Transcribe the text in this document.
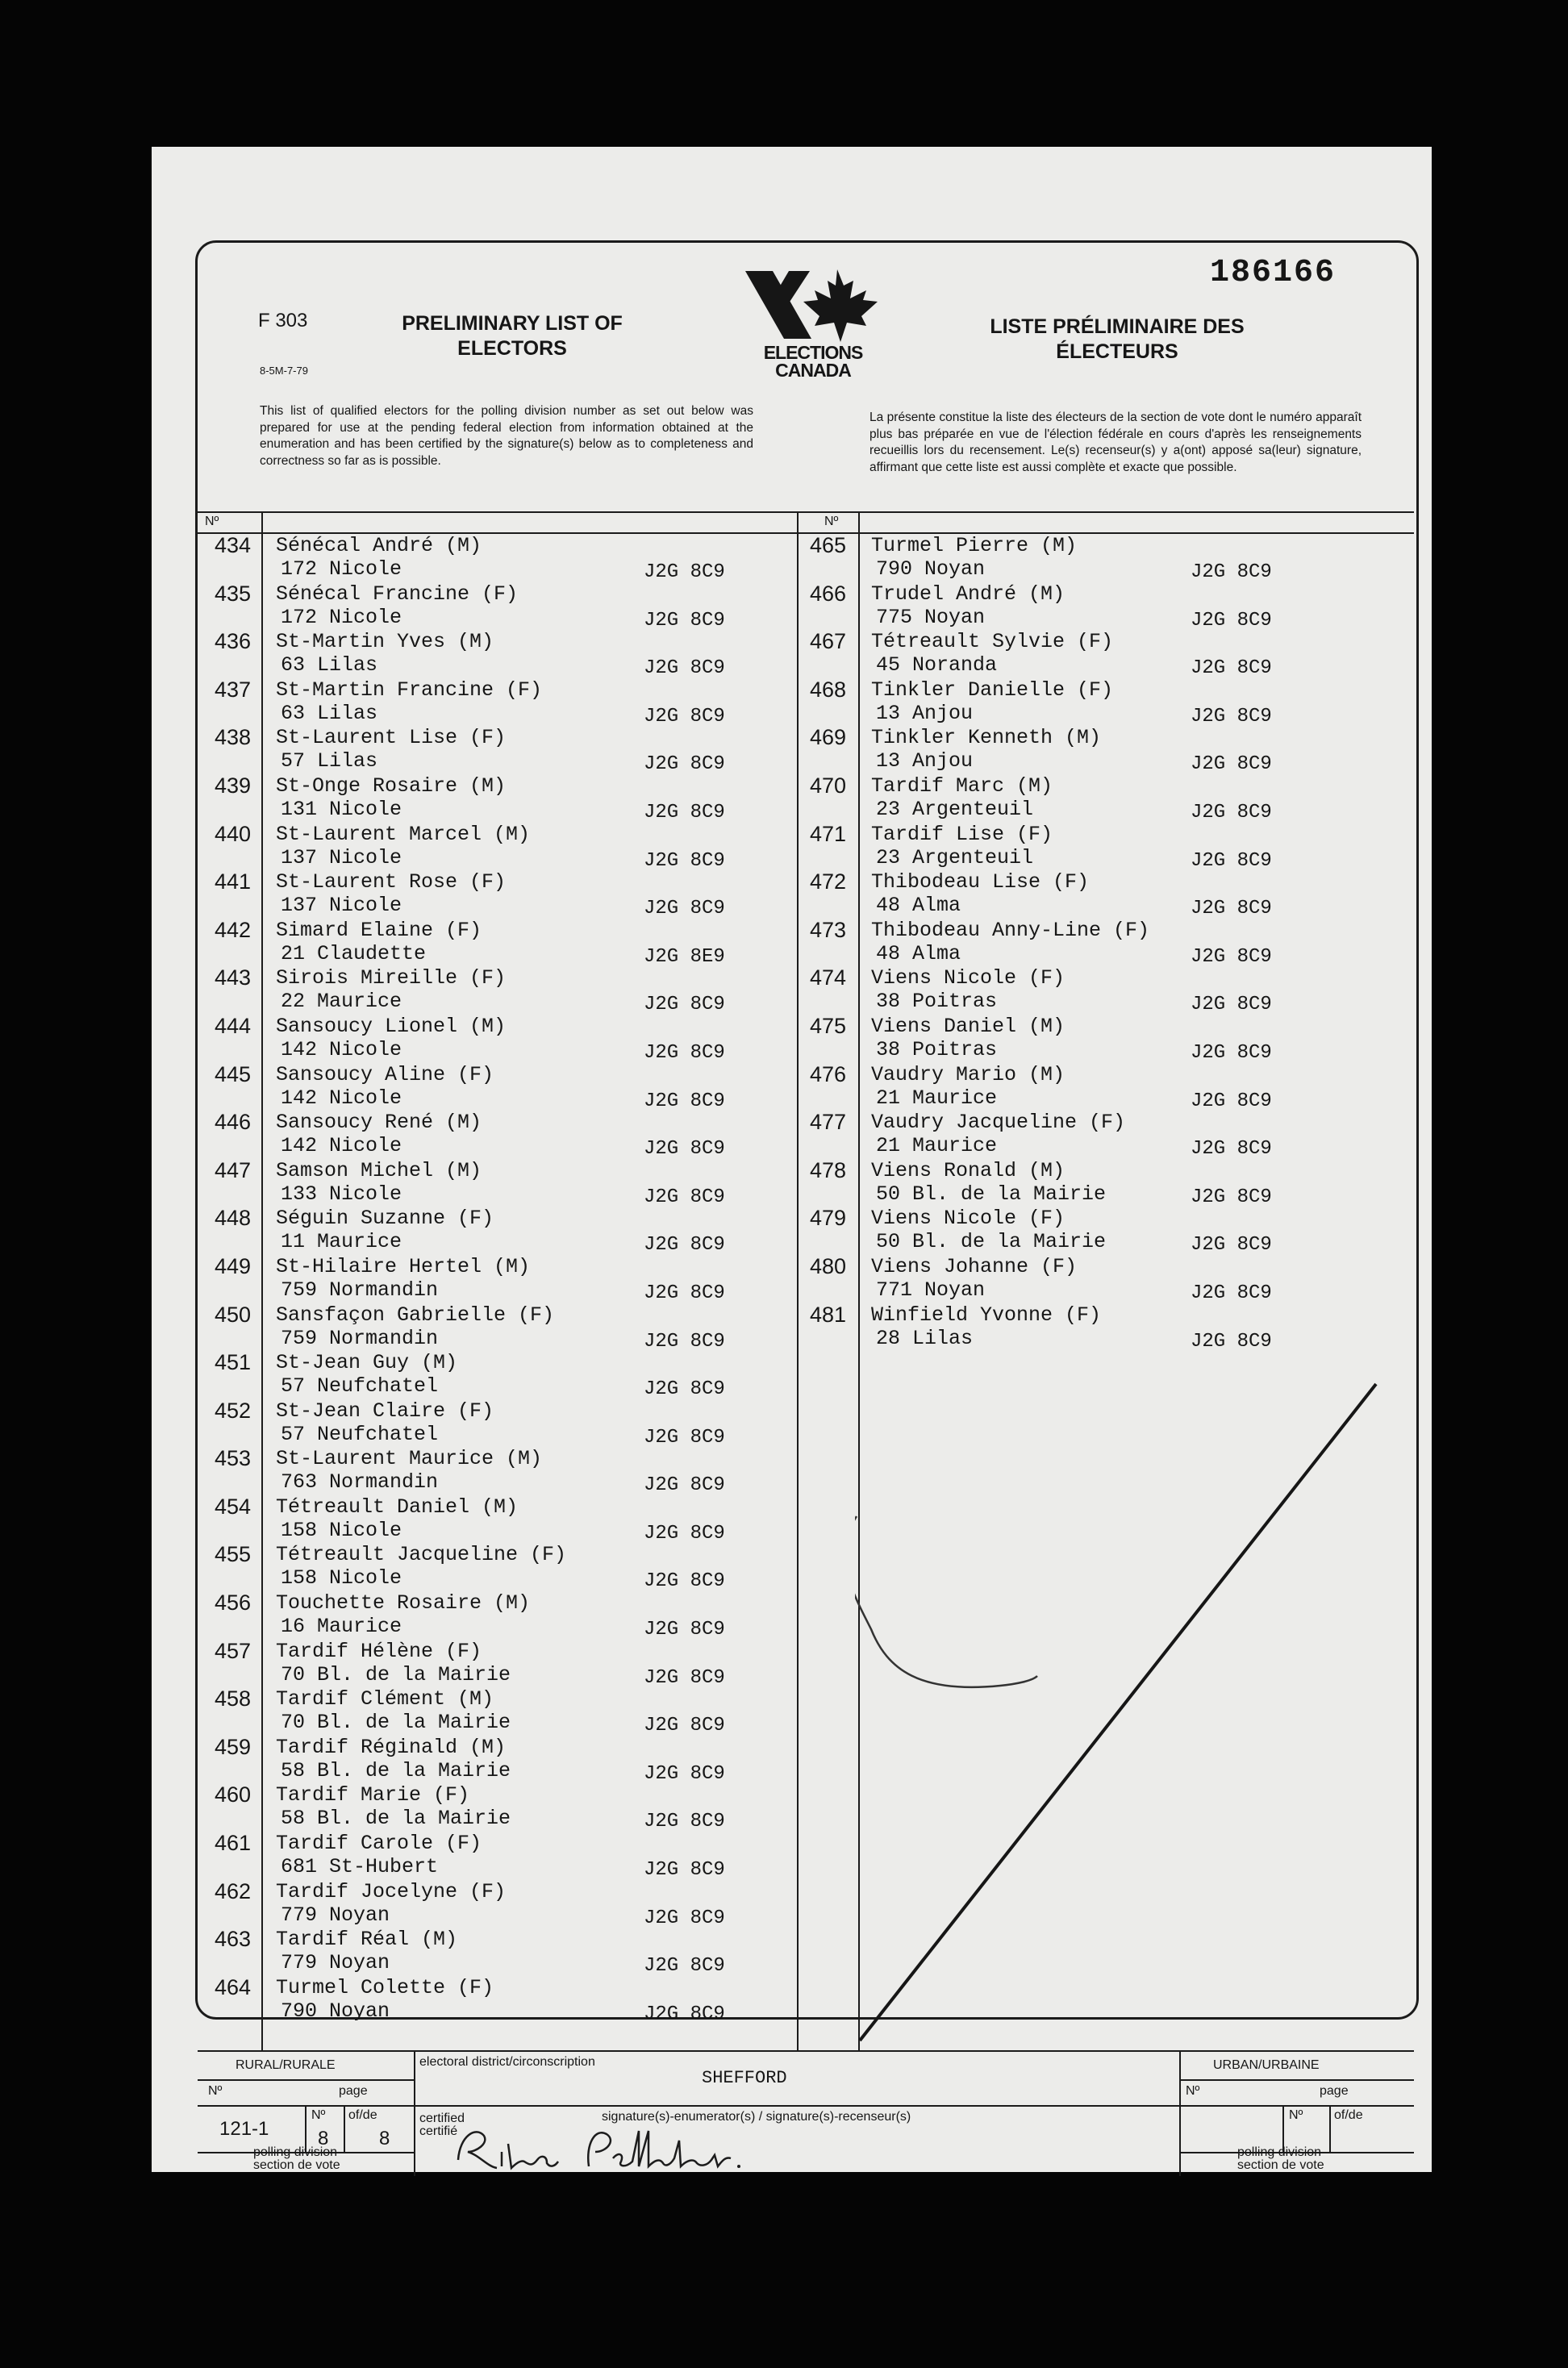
186166
F 303
8-5M-7-79
PRELIMINARY LIST OF ELECTORS
LISTE PRÉLIMINAIRE DES ÉLECTEURS
ELECTIONS
CANADA
This list of qualified electors for the polling division number as set out below was prepared for use at the pending federal election from information obtained at the enumeration and has been certified by the signature(s) below as to completeness and correctness so far as is possible.
La présente constitue la liste des électeurs de la section de vote dont le numéro apparaît plus bas préparée en vue de l'élection fédérale en cours d'après les renseignements recueillis lors du recensement. Le(s) recenseur(s) y a(ont) apposé sa(leur) signature, affirmant que cette liste est aussi complète et exacte que possible.
Nº	Nº
434	Sénécal André (M)
172 Nicole	J2G 8C9
435	Sénécal Francine (F)
172 Nicole	J2G 8C9
436	St-Martin Yves (M)
63 Lilas	J2G 8C9
437	St-Martin Francine (F)
63 Lilas	J2G 8C9
438	St-Laurent Lise (F)
57 Lilas	J2G 8C9
439	St-Onge Rosaire (M)
131 Nicole	J2G 8C9
440	St-Laurent Marcel (M)
137 Nicole	J2G 8C9
441	St-Laurent Rose (F)
137 Nicole	J2G 8C9
442	Simard Elaine (F)
21 Claudette	J2G 8E9
443	Sirois Mireille (F)
22 Maurice	J2G 8C9
444	Sansoucy Lionel (M)
142 Nicole	J2G 8C9
445	Sansoucy Aline (F)
142 Nicole	J2G 8C9
446	Sansoucy René (M)
142 Nicole	J2G 8C9
447	Samson Michel (M)
133 Nicole	J2G 8C9
448	Séguin Suzanne (F)
11 Maurice	J2G 8C9
449	St-Hilaire Hertel (M)
759 Normandin	J2G 8C9
450	Sansfaçon Gabrielle (F)
759 Normandin	J2G 8C9
451	St-Jean Guy (M)
57 Neufchatel	J2G 8C9
452	St-Jean Claire (F)
57 Neufchatel	J2G 8C9
453	St-Laurent Maurice (M)
763 Normandin	J2G 8C9
454	Tétreault Daniel (M)
158 Nicole	J2G 8C9
455	Tétreault Jacqueline (F)
158 Nicole	J2G 8C9
456	Touchette Rosaire (M)
16 Maurice	J2G 8C9
457	Tardif Hélène (F)
70 Bl. de la Mairie	J2G 8C9
458	Tardif Clément (M)
70 Bl. de la Mairie	J2G 8C9
459	Tardif Réginald (M)
58 Bl. de la Mairie	J2G 8C9
460	Tardif Marie (F)
58 Bl. de la Mairie	J2G 8C9
461	Tardif Carole (F)
681 St-Hubert	J2G 8C9
462	Tardif Jocelyne (F)
779 Noyan	J2G 8C9
463	Tardif Réal (M)
779 Noyan	J2G 8C9
464	Turmel Colette (F)
790 Noyan	J2G 8C9
465	Turmel Pierre (M)
790 Noyan	J2G 8C9
466	Trudel André (M)
775 Noyan	J2G 8C9
467	Tétreault Sylvie (F)
45 Noranda	J2G 8C9
468	Tinkler Danielle (F)
13 Anjou	J2G 8C9
469	Tinkler Kenneth (M)
13 Anjou	J2G 8C9
470	Tardif Marc (M)
23 Argenteuil	J2G 8C9
471	Tardif Lise (F)
23 Argenteuil	J2G 8C9
472	Thibodeau Lise (F)
48 Alma	J2G 8C9
473	Thibodeau Anny-Line (F)
48 Alma	J2G 8C9
474	Viens Nicole (F)
38 Poitras	J2G 8C9
475	Viens Daniel (M)
38 Poitras	J2G 8C9
476	Vaudry Mario (M)
21 Maurice	J2G 8C9
477	Vaudry Jacqueline (F)
21 Maurice	J2G 8C9
478	Viens Ronald (M)
50 Bl. de la Mairie	J2G 8C9
479	Viens Nicole (F)
50 Bl. de la Mairie	J2G 8C9
480	Viens Johanne (F)
771 Noyan	J2G 8C9
481	Winfield Yvonne (F)
28 Lilas	J2G 8C9
RURAL/RURALE	URBAN/URBAINE
Nº	page	Nº	page
Nº of/de	Nº of/de
121-1	8	8
polling division
section de vote
polling division
section de vote
electoral district/circonscription
SHEFFORD
certified
certifié
signature(s)-enumerator(s) / signature(s)-recenseur(s)
